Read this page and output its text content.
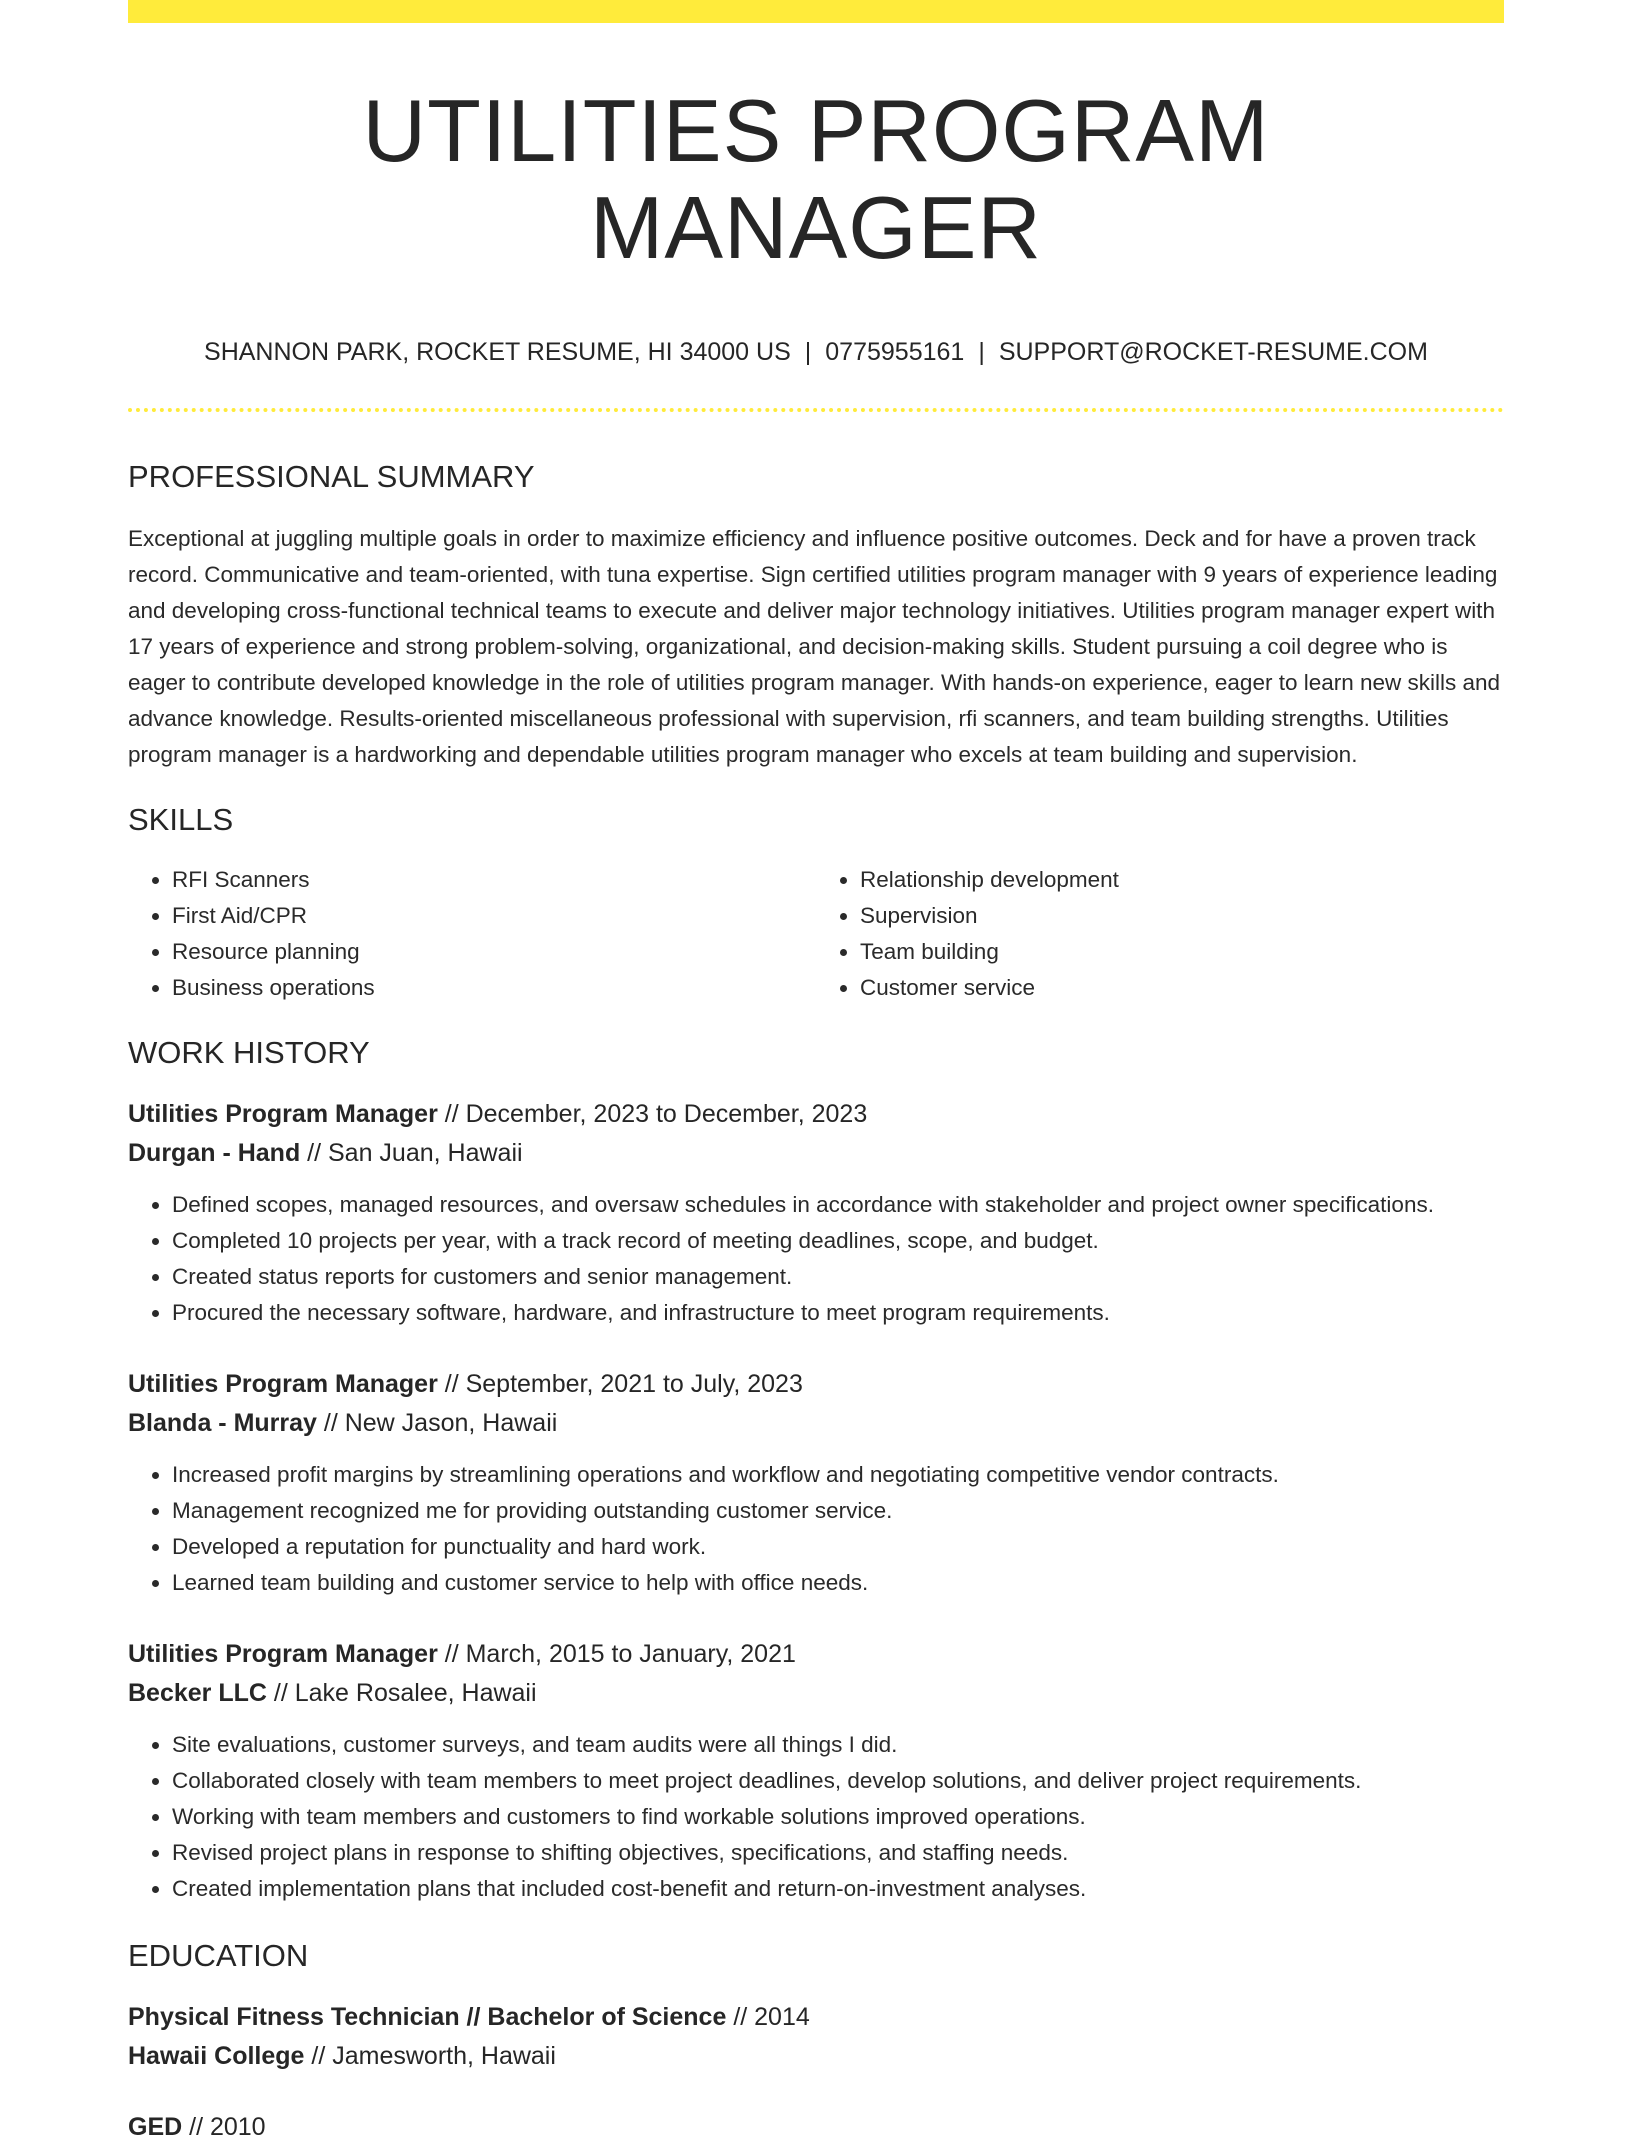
UTILITIES PROGRAM MANAGER
SHANNON PARK, ROCKET RESUME, HI 34000 US | 0775955161 | SUPPORT@ROCKET-RESUME.COM
PROFESSIONAL SUMMARY

Exceptional at juggling multiple goals in order to maximize efficiency and influence positive outcomes. Deck and for have a proven track record. Communicative and team-oriented, with tuna expertise. Sign certified utilities program manager with 9 years of experience leading and developing cross-functional technical teams to execute and deliver major technology initiatives. Utilities program manager expert with 17 years of experience and strong problem-solving, organizational, and decision-making skills. Student pursuing a coil degree who is eager to contribute developed knowledge in the role of utilities program manager. With hands-on experience, eager to learn new skills and advance knowledge. Results-oriented miscellaneous professional with supervision, rfi scanners, and team building strengths. Utilities program manager is a hardworking and dependable utilities program manager who excels at team building and supervision.

SKILLS
• RFI Scanners
• First Aid/CPR
• Resource planning
• Business operations
• Relationship development
• Supervision
• Team building
• Customer service
WORK HISTORY
Utilities Program Manager // December, 2023 to December, 2023
Durgan - Hand // San Juan, Hawaii
• Defined scopes, managed resources, and oversaw schedules in accordance with stakeholder and project owner specifications.
• Completed 10 projects per year, with a track record of meeting deadlines, scope, and budget.
• Created status reports for customers and senior management.
• Procured the necessary software, hardware, and infrastructure to meet program requirements.
Utilities Program Manager // September, 2021 to July, 2023
Blanda - Murray // New Jason, Hawaii
• Increased profit margins by streamlining operations and workflow and negotiating competitive vendor contracts.
• Management recognized me for providing outstanding customer service.
• Developed a reputation for punctuality and hard work.
• Learned team building and customer service to help with office needs.
Utilities Program Manager // March, 2015 to January, 2021
Becker LLC // Lake Rosalee, Hawaii
• Site evaluations, customer surveys, and team audits were all things I did.
• Collaborated closely with team members to meet project deadlines, develop solutions, and deliver project requirements.
• Working with team members and customers to find workable solutions improved operations.
• Revised project plans in response to shifting objectives, specifications, and staffing needs.
• Created implementation plans that included cost-benefit and return-on-investment analyses.
EDUCATION
Physical Fitness Technician // Bachelor of Science // 2014
Hawaii College // Jamesworth, Hawaii
GED // 2010
